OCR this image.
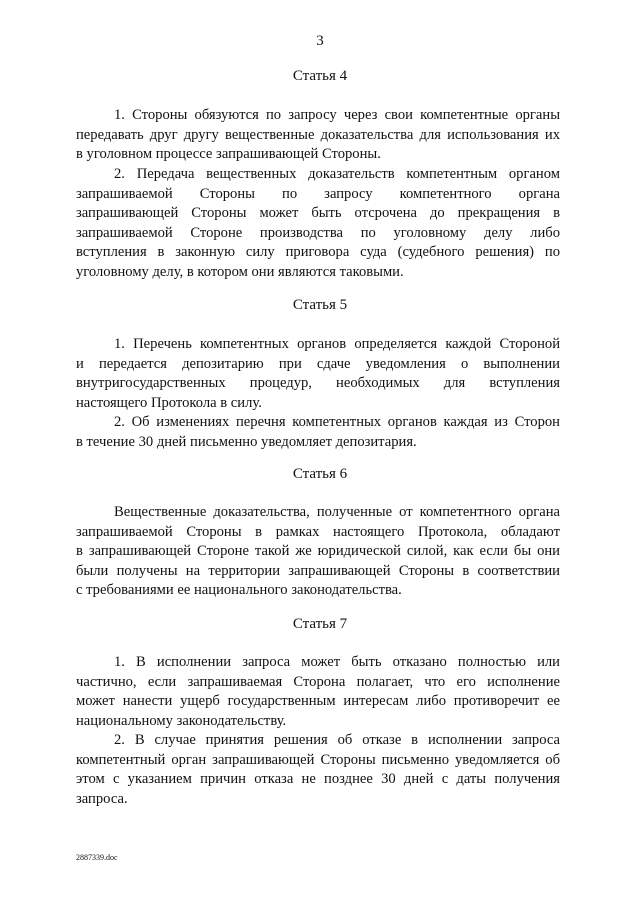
3
Статья 4
1. Стороны обязуются по запросу через свои компетентные органы
передавать друг другу вещественные доказательства для использования их
в уголовном процессе запрашивающей Стороны.
2. Передача вещественных доказательств компетентным органом
запрашиваемой Стороны по запросу компетентного органа
запрашивающей Стороны может быть отсрочена до прекращения в
запрашиваемой Стороне производства по уголовному делу либо
вступления в законную силу приговора суда (судебного решения) по
уголовному делу, в котором они являются таковыми.
Статья 5
1. Перечень компетентных органов определяется каждой Стороной
и передается депозитарию при сдаче уведомления о выполнении
внутригосударственных процедур, необходимых для вступления
настоящего Протокола в силу.
2. Об изменениях перечня компетентных органов каждая из Сторон
в течение 30 дней письменно уведомляет депозитария.
Статья 6
Вещественные доказательства, полученные от компетентного органа
запрашиваемой Стороны в рамках настоящего Протокола, обладают
в запрашивающей Стороне такой же юридической силой, как если бы они
были получены на территории запрашивающей Стороны в соответствии
с требованиями ее национального законодательства.
Статья 7
1. В исполнении запроса может быть отказано полностью или
частично, если запрашиваемая Сторона полагает, что его исполнение
может нанести ущерб государственным интересам либо противоречит ее
национальному законодательству.
2. В случае принятия решения об отказе в исполнении запроса
компетентный орган запрашивающей Стороны письменно уведомляется об
этом с указанием причин отказа не позднее 30 дней с даты получения
запроса.
2887339.doc
